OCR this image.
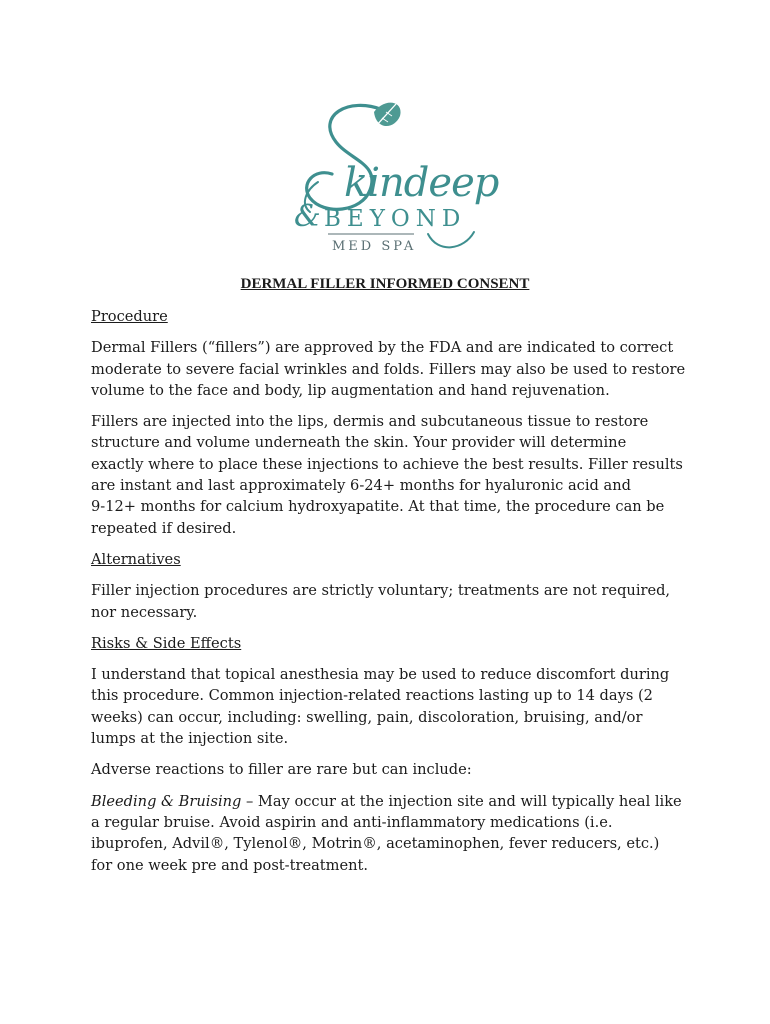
kindeep
& BEYOND
MED SPA
DERMAL FILLER INFORMED CONSENT
Procedure
Dermal Fillers (“fillers”) are approved by the FDA and are indicated to correct
moderate to severe facial wrinkles and folds. Fillers may also be used to restore
volume to the face and body, lip augmentation and hand rejuvenation.
Fillers are injected into the lips, dermis and subcutaneous tissue to restore
structure and volume underneath the skin. Your provider will determine
exactly where to place these injections to achieve the best results. Filler results
are instant and last approximately 6-24+ months for hyaluronic acid and
9-12+ months for calcium hydroxyapatite. At that time, the procedure can be
repeated if desired.
Alternatives
Filler injection procedures are strictly voluntary; treatments are not required,
nor necessary.
Risks & Side Effects
I understand that topical anesthesia may be used to reduce discomfort during
this procedure. Common injection-related reactions lasting up to 14 days (2
weeks) can occur, including: swelling, pain, discoloration, bruising, and/or
lumps at the injection site.
Adverse reactions to filler are rare but can include:
Bleeding & Bruising – May occur at the injection site and will typically heal like
a regular bruise. Avoid aspirin and anti-inflammatory medications (i.e.
ibuprofen, Advil®, Tylenol®, Motrin®, acetaminophen, fever reducers, etc.)
for one week pre and post-treatment.
